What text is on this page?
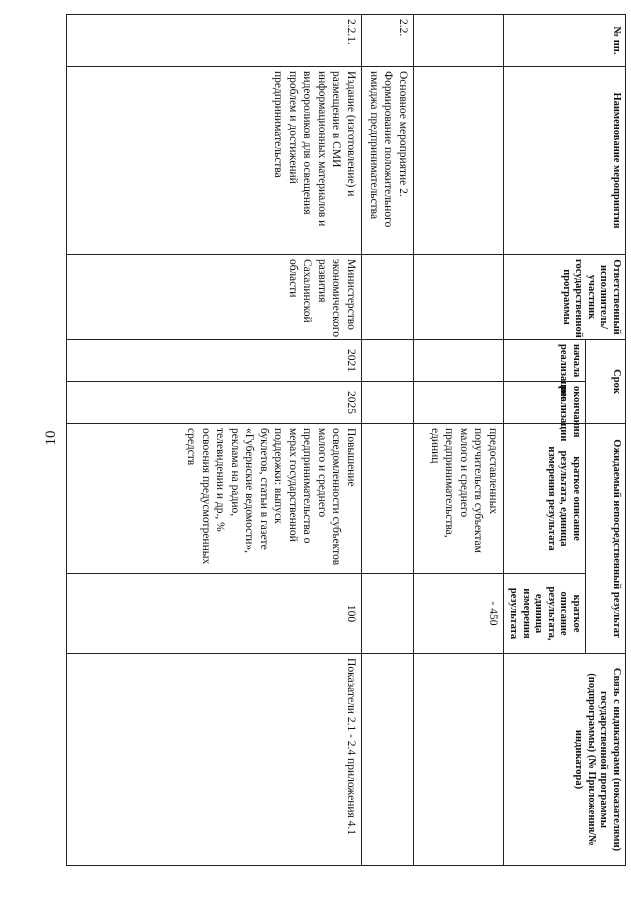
10
№ пп.	Наименование мероприятия	Ответственный исполнитель/участник государственной программы	Срок		Ожидаемый непосредственный результат		Связь с индикаторами (показателями) государственной программы (подпрограммы) (№ Приложения/№ индикатора)
			начала реализации	окончания реализации	краткое описание результата, единица измерения результата	краткое описание результата, единица измерения результата	
					предоставленных поручительств субъектам малого и среднего предпринимательства, единиц	- 450	
2.2.	Основное мероприятие 2. Формирование положительного имиджа предпринимательства						
2.2.1.	Издание (изготовление) и размещение в СМИ информационных материалов и видеороликов для освещения проблем и достижений предпринимательства	Министерство экономического развития Сахалинской области	2021	2025	Повышение осведомленности субъектов малого и среднего предпринимательства о мерах государственной поддержки: выпуск буклетов, статьи в газете «Губернские ведомости», реклама на радио, телевидении и др., % освоения предусмотренных средств	100	Показатели 2.1 - 2.4 приложения 4.1
